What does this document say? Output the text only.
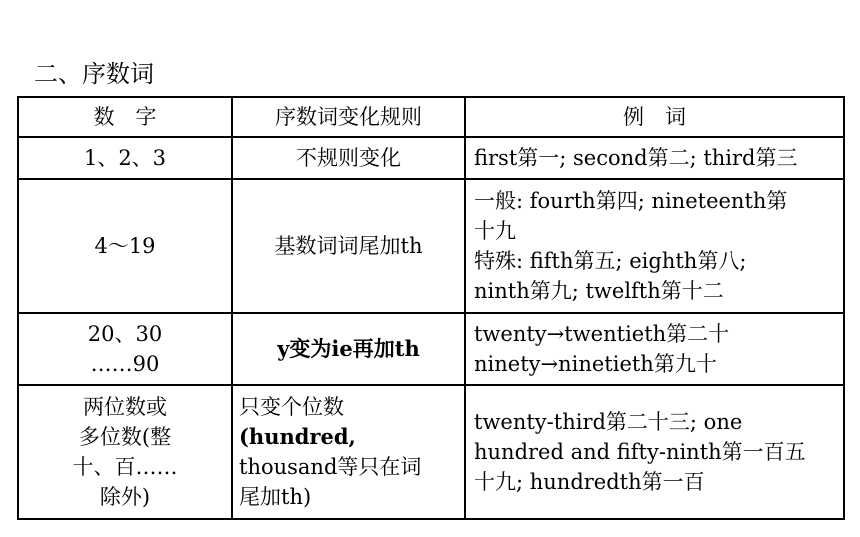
二、序数词
数　字	序数词变化规则	例　词

1、2、3	不规则变化	first第一; second第二; third第三

4～19	基数词词尾加th	一般: fourth第四; nineteenth第
十九
特殊: fifth第五; eighth第八;
ninth第九; twelfth第十二

20、30
……90	y变为ie再加th	twenty→twentieth第二十
ninety→ninetieth第九十

两位数或
多位数(整
十、百……
除外)	只变个位数
(hundred,
thousand等只在词
尾加th)	twenty-third第二十三; one
hundred and fifty-ninth第一百五
十九; hundredth第一百
